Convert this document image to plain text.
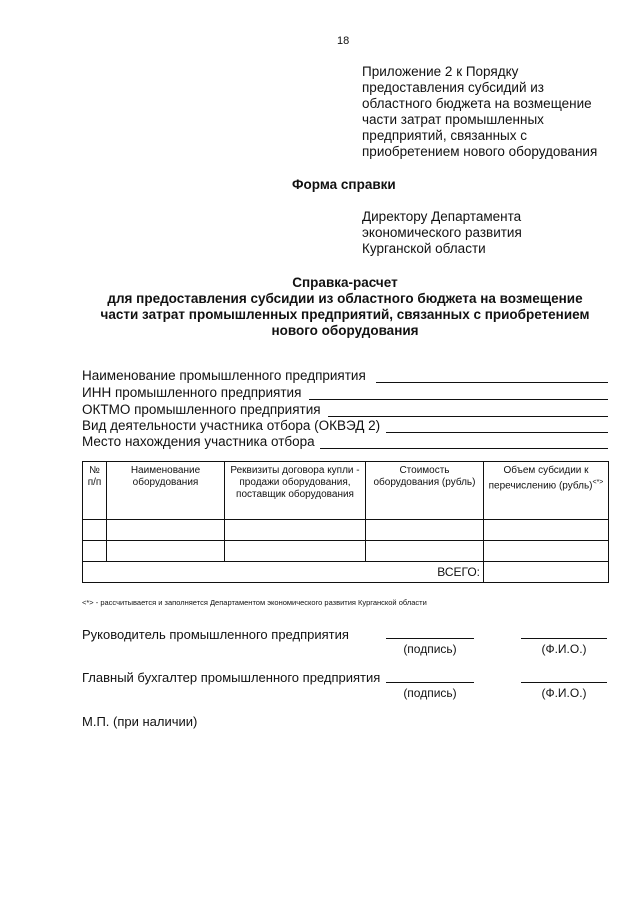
18
Приложение 2 к Порядку
предоставления субсидий из
областного бюджета на возмещение
части затрат промышленных
предприятий, связанных с
приобретением нового оборудования
Форма справки
Директору Департамента
экономического развития
Курганской области
Справка-расчет
для предоставления субсидии из областного бюджета на возмещение
части затрат промышленных предприятий, связанных с приобретением
нового оборудования
Наименование промышленного предприятия
ИНН промышленного предприятия
ОКТМО промышленного предприятия
Вид деятельности участника отбора (ОКВЭД 2)
Место нахождения участника отбора
№ п/п	Наименование оборудования	Реквизиты договора купли - продажи оборудования, поставщик оборудования	Стоимость оборудования (рубль)	Объем субсидии к перечислению (рубль)<*>

ВСЕГО:				
<*> - рассчитывается и заполняется Департаментом экономического развития Курганской области
Руководитель промышленного предприятия
(подпись)	(Ф.И.О.)
Главный бухгалтер промышленного предприятия
(подпись)	(Ф.И.О.)
М.П. (при наличии)
